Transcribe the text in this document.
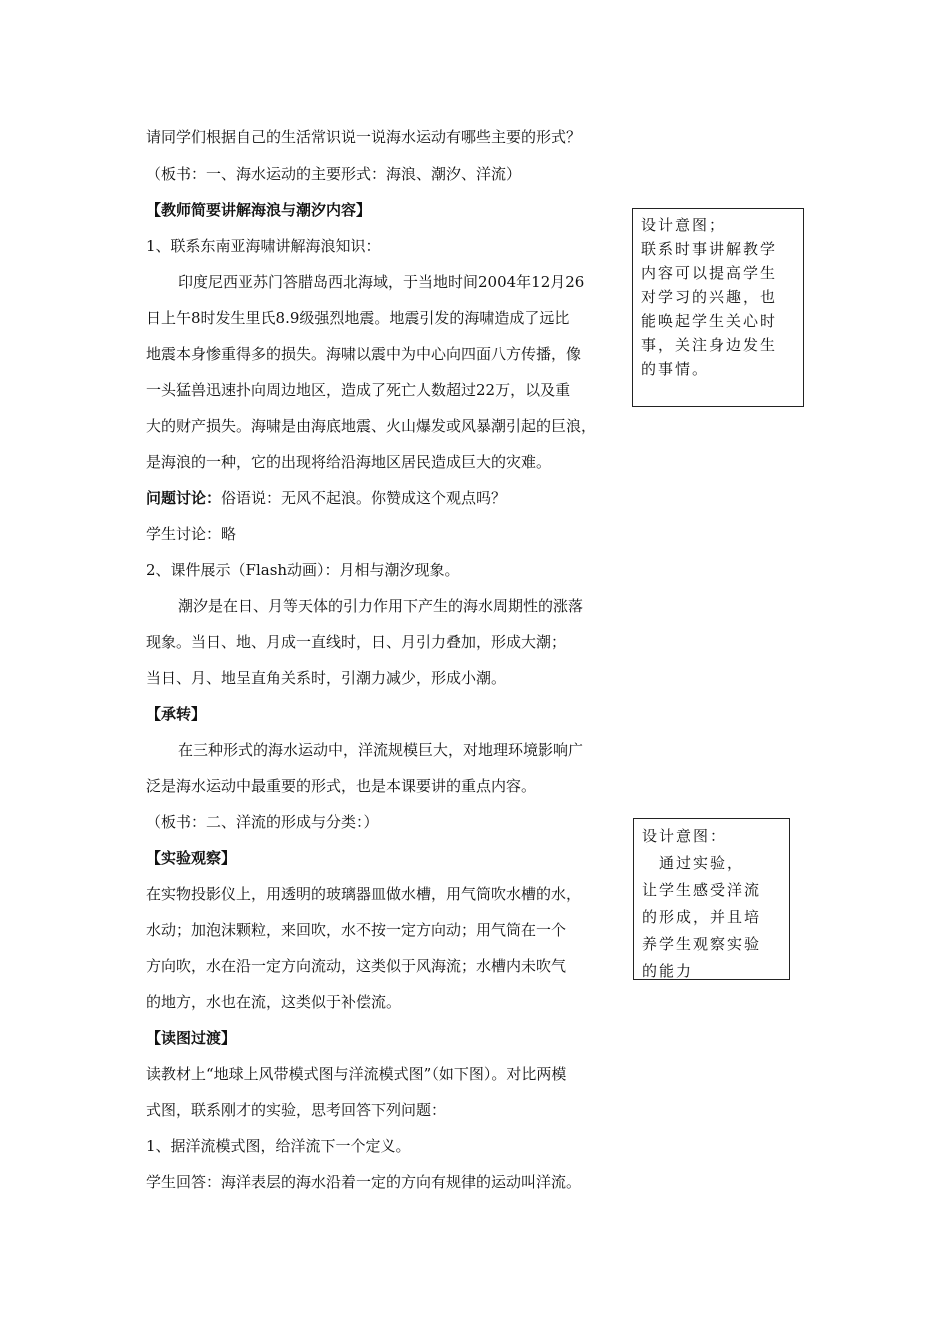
请同学们根据自己的生活常识说一说海水运动有哪些主要的形式？
（板书：一、海水运动的主要形式：海浪、潮汐、洋流）
【教师简要讲解海浪与潮汐内容】
1、联系东南亚海啸讲解海浪知识：
印度尼西亚苏门答腊岛西北海域，于当地时间2004年12月26
日上午8时发生里氏8.9级强烈地震。地震引发的海啸造成了远比
地震本身惨重得多的损失。海啸以震中为中心向四面八方传播，像
一头猛兽迅速扑向周边地区，造成了死亡人数超过22万，以及重
大的财产损失。海啸是由海底地震、火山爆发或风暴潮引起的巨浪，
是海浪的一种，它的出现将给沿海地区居民造成巨大的灾难。
问题讨论：俗语说：无风不起浪。你赞成这个观点吗？
学生讨论：略
2、课件展示（Flash动画）：月相与潮汐现象。
潮汐是在日、月等天体的引力作用下产生的海水周期性的涨落
现象。当日、地、月成一直线时，日、月引力叠加，形成大潮；
当日、月、地呈直角关系时，引潮力减少，形成小潮。
【承转】
在三种形式的海水运动中，洋流规模巨大，对地理环境影响广
泛是海水运动中最重要的形式，也是本课要讲的重点内容。
（板书：二、洋流的形成与分类：）
【实验观察】
在实物投影仪上，用透明的玻璃器皿做水槽，用气筒吹水槽的水，
水动；加泡沫颗粒，来回吹，水不按一定方向动；用气筒在一个
方向吹，水在沿一定方向流动，这类似于风海流；水槽内未吹气
的地方，水也在流，这类似于补偿流。
【读图过渡】
读教材上“地球上风带模式图与洋流模式图”（如下图）。对比两模
式图，联系刚才的实验，思考回答下列问题：
1、据洋流模式图，给洋流下一个定义。
学生回答：海洋表层的海水沿着一定的方向有规律的运动叫洋流。
设计意图；
联系时事讲解教学
内容可以提高学生
对学习的兴趣，也
能唤起学生关心时
事，关注身边发生
的事情。
设计意图：
　通过实验，
让学生感受洋流
的形成，并且培
养学生观察实验
的能力
